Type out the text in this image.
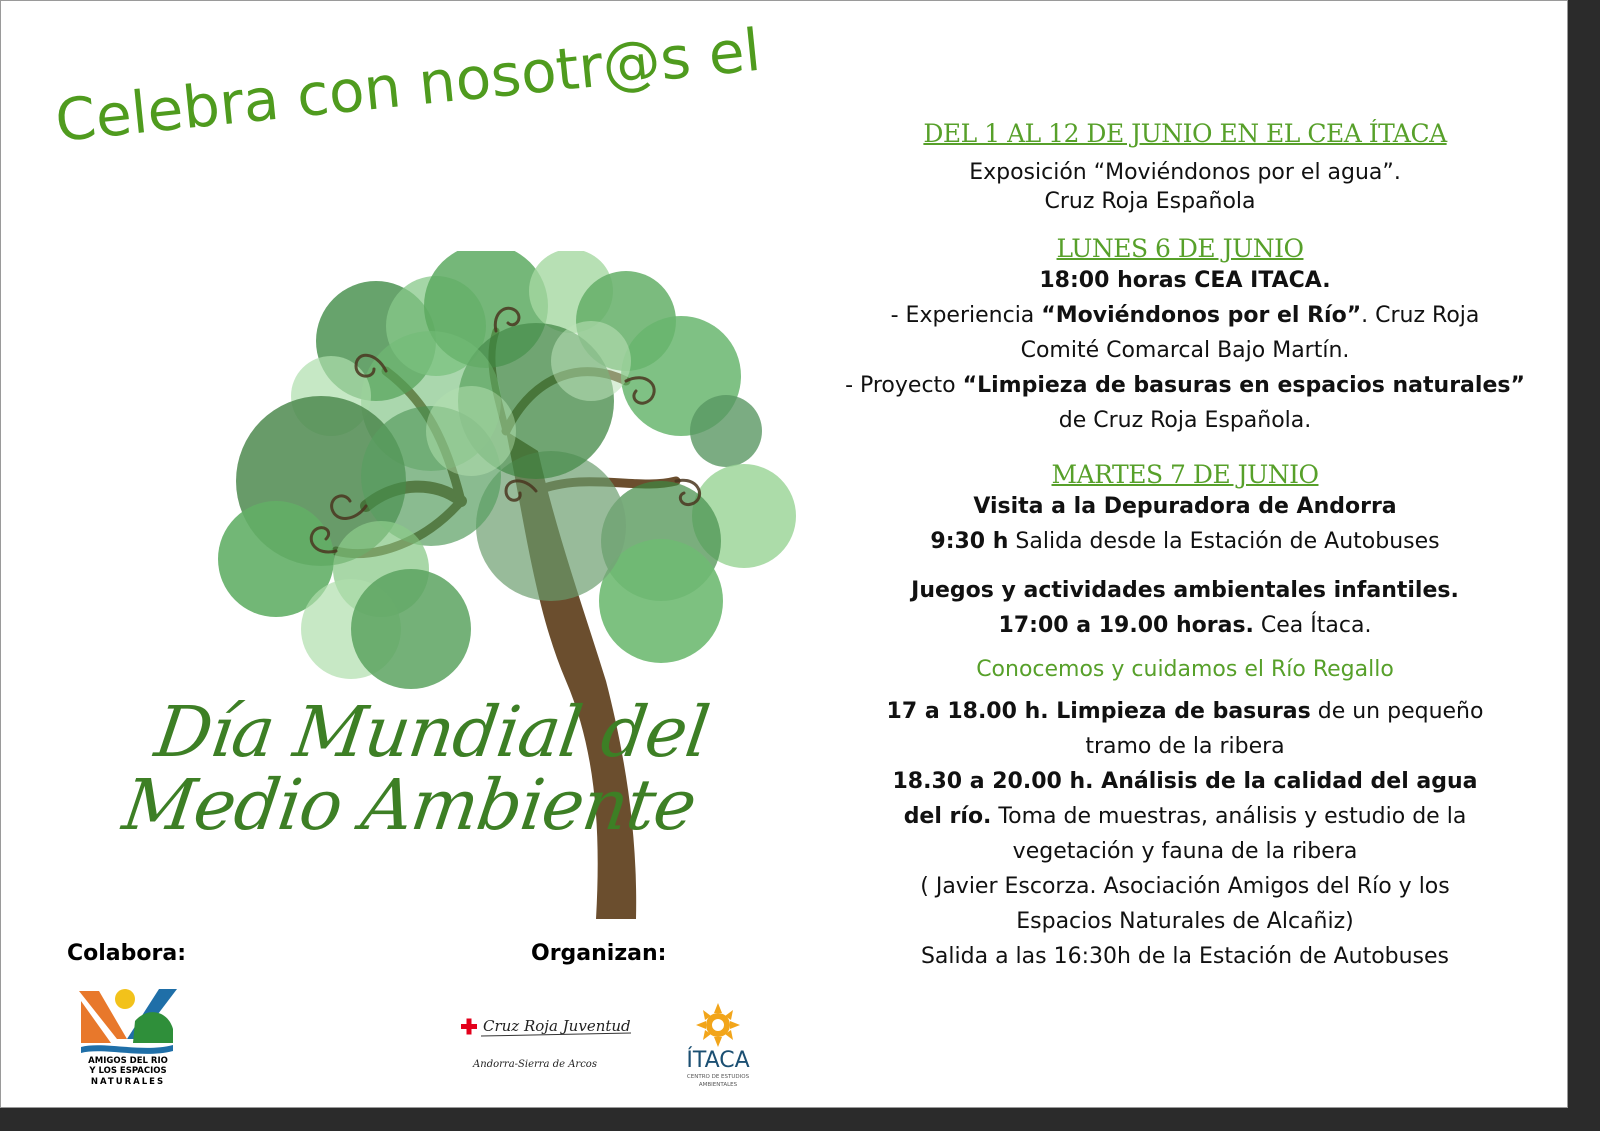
Celebra con nosotr@s el
Día Mundial del
Medio Ambiente

Colabora:

AMIGOS DEL RIO
Y LOS ESPACIOS
NATURALES

Organizan:

Cruz Roja Juventud
Andorra-Sierra de Arcos	ÍTACA
CENTRO DE ESTUDIOS
AMBIENTALES

DEL 1 AL 12 DE JUNIO EN EL CEA ÍTACA

Exposición “Moviéndonos por el agua”.

Cruz Roja Española

LUNES 6 DE JUNIO

18:00 horas CEA ITACA.

- Experiencia “Moviéndonos por el Río”. Cruz Roja

Comité Comarcal Bajo Martín.

- Proyecto “Limpieza de basuras en espacios naturales”

de Cruz Roja Española.

MARTES 7 DE JUNIO

Visita a la Depuradora de Andorra

9:30 h Salida desde la Estación de Autobuses

Juegos y actividades ambientales infantiles.

17:00 a 19.00 horas. Cea Ítaca.

Conocemos y cuidamos el Río Regallo

17 a 18.00 h. Limpieza de basuras de un pequeño

tramo de la ribera

18.30 a 20.00 h. Análisis de la calidad del agua

del río. Toma de muestras, análisis y estudio de la

vegetación y fauna de la ribera

( Javier Escorza. Asociación Amigos del Río y los

Espacios Naturales de Alcañiz)

Salida a las 16:30h de la Estación de Autobuses
